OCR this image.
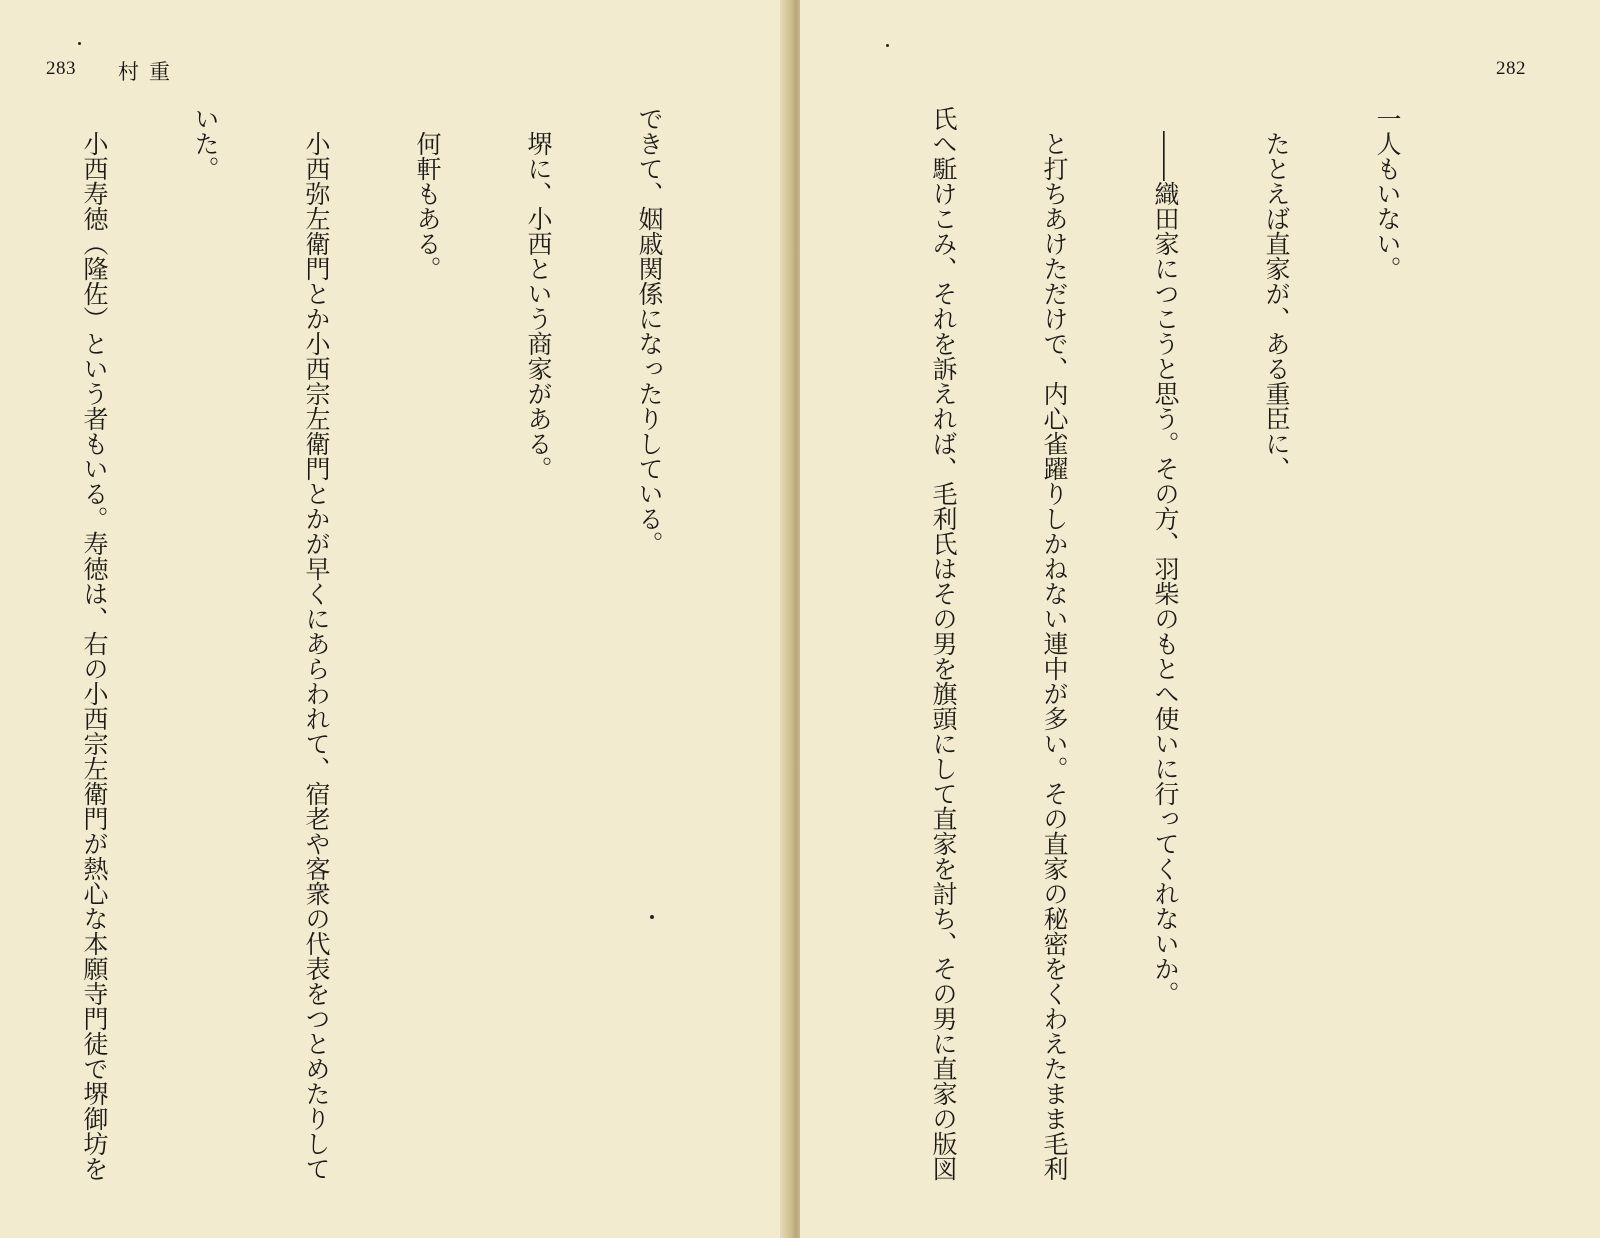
283 村重

できて、姻戚関係になったりしている。

　堺に、小西という商家がある。

　何軒もある。

　小西弥左衛門とか小西宗左衛門とかが早くにあらわれて、宿老や客衆の代表をつとめたりして

いた。

　小西寿徳（隆佐）という者もいる。寿徳は、右の小西宗左衛門が熱心な本願寺門徒で堺御坊を

282

一人もいない。

　たとえば直家が、ある重臣に、

　――織田家につこうと思う。その方、羽柴のもとへ使いに行ってくれないか。

　と打ちあけただけで、内心雀躍りしかねない連中が多い。その直家の秘密をくわえたまま毛利

氏へ駈けこみ、それを訴えれば、毛利氏はその男を旗頭にして直家を討ち、その男に直家の版図
